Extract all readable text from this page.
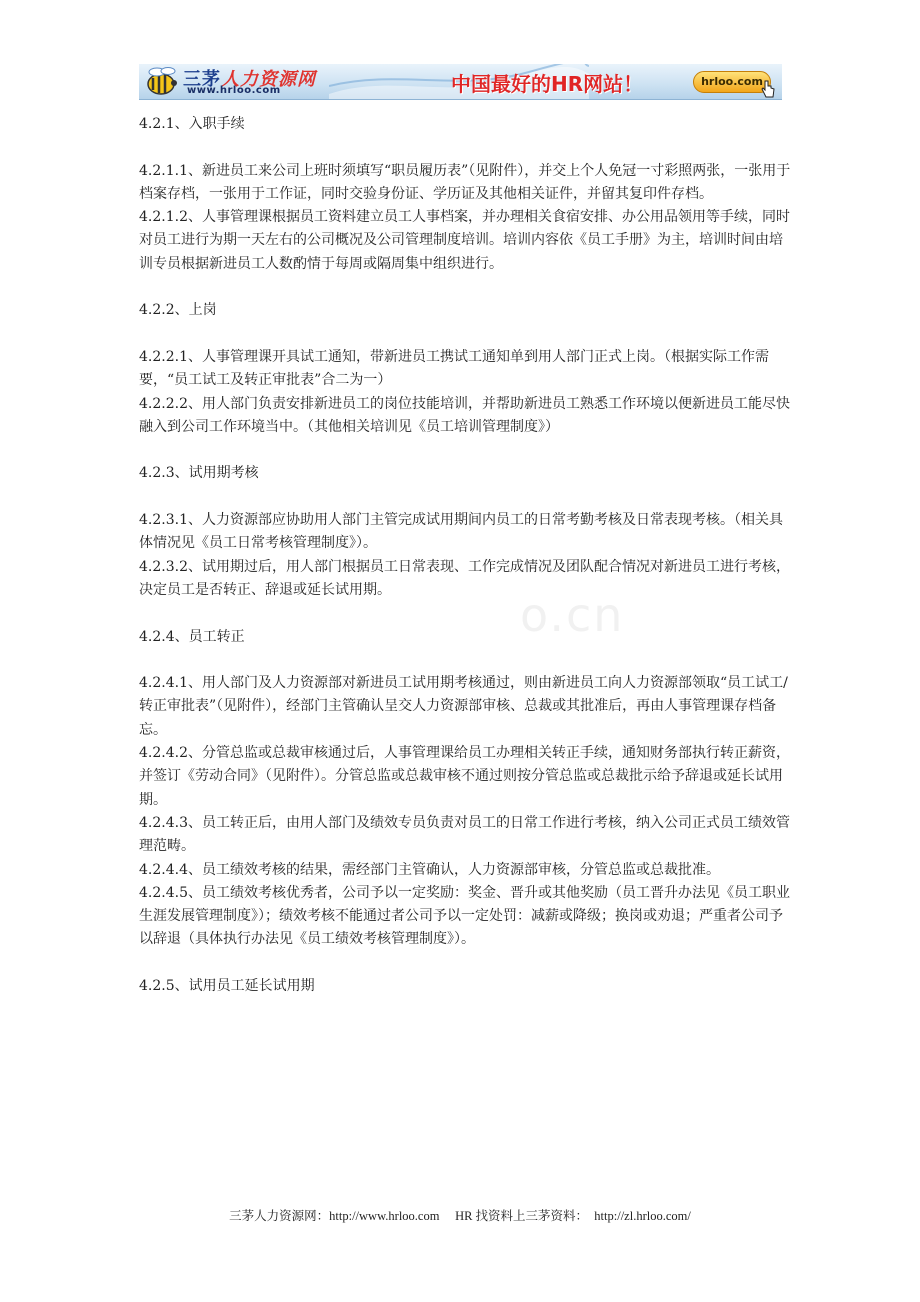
三茅人力资源网
www.hrloo.com	中国最好的HR网站！	hrloo.com
o.cn

4.2.1、入职手续

4.2.1.1、新进员工来公司上班时须填写“职员履历表”（见附件），并交上个人免冠一寸彩照两张，一张用于档案存档，一张用于工作证，同时交验身份证、学历证及其他相关证件，并留其复印件存档。

4.2.1.2、人事管理课根据员工资料建立员工人事档案，并办理相关食宿安排、办公用品领用等手续，同时对员工进行为期一天左右的公司概况及公司管理制度培训。培训内容依《员工手册》为主，培训时间由培训专员根据新进员工人数酌情于每周或隔周集中组织进行。

4.2.2、上岗

4.2.2.1、人事管理课开具试工通知，带新进员工携试工通知单到用人部门正式上岗。（根据实际工作需要，“员工试工及转正审批表”合二为一）

4.2.2.2、用人部门负责安排新进员工的岗位技能培训，并帮助新进员工熟悉工作环境以便新进员工能尽快融入到公司工作环境当中。（其他相关培训见《员工培训管理制度》）

4.2.3、试用期考核

4.2.3.1、人力资源部应协助用人部门主管完成试用期间内员工的日常考勤考核及日常表现考核。（相关具体情况见《员工日常考核管理制度》）。

4.2.3.2、试用期过后，用人部门根据员工日常表现、工作完成情况及团队配合情况对新进员工进行考核，决定员工是否转正、辞退或延长试用期。

4.2.4、员工转正

4.2.4.1、用人部门及人力资源部对新进员工试用期考核通过，则由新进员工向人力资源部领取“员工试工/转正审批表”（见附件），经部门主管确认呈交人力资源部审核、总裁或其批准后，再由人事管理课存档备忘。

4.2.4.2、分管总监或总裁审核通过后，人事管理课给员工办理相关转正手续，通知财务部执行转正薪资，并签订《劳动合同》（见附件）。分管总监或总裁审核不通过则按分管总监或总裁批示给予辞退或延长试用期。

4.2.4.3、员工转正后，由用人部门及绩效专员负责对员工的日常工作进行考核，纳入公司正式员工绩效管理范畴。

4.2.4.4、员工绩效考核的结果，需经部门主管确认，人力资源部审核，分管总监或总裁批准。

4.2.4.5、员工绩效考核优秀者，公司予以一定奖励：奖金、晋升或其他奖励（员工晋升办法见《员工职业生涯发展管理制度》）；绩效考核不能通过者公司予以一定处罚：减薪或降级；换岗或劝退；严重者公司予以辞退（具体执行办法见《员工绩效考核管理制度》）。

4.2.5、试用员工延长试用期

三茅人力资源网：http://www.hrloo.com     HR 找资料上三茅资料：  http://zl.hrloo.com/
